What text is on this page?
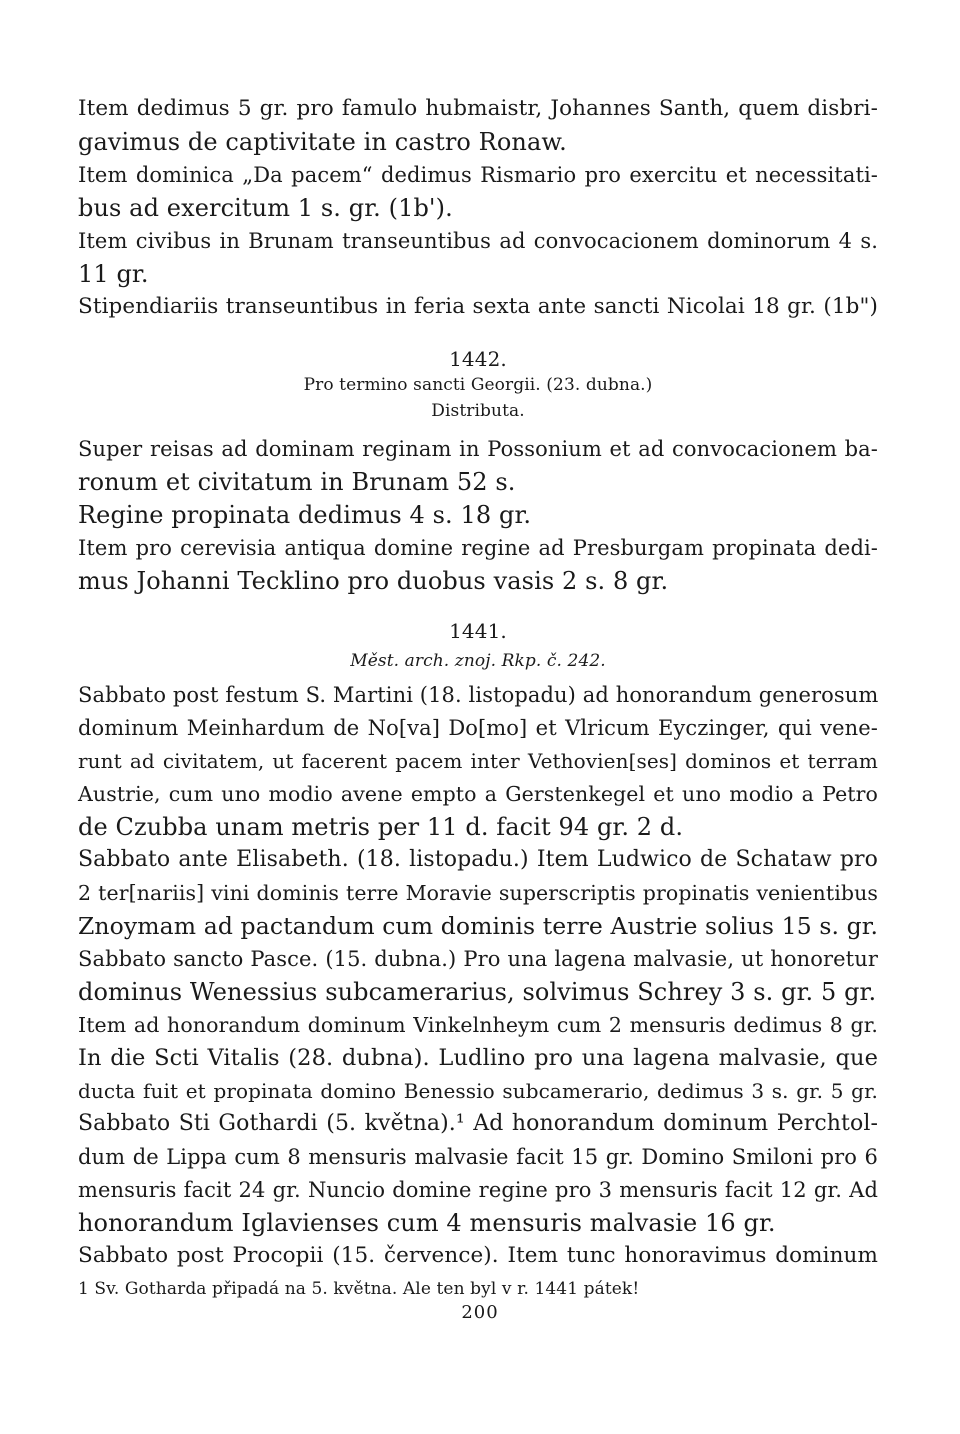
Item dedimus 5 gr. pro famulo hubmaistr, Johannes Santh, quem disbri-
gavimus de captivitate in castro Ronaw.
Item dominica „Da pacem“ dedimus Rismario pro exercitu et necessitati-
bus ad exercitum 1 s. gr. (1b').
Item civibus in Brunam transeuntibus ad convocacionem dominorum 4 s.
11 gr.
Stipendiariis transeuntibus in feria sexta ante sancti Nicolai 18 gr. (1b")
1442.
Pro termino sancti Georgii. (23. dubna.)
Distributa.
Super reisas ad dominam reginam in Possonium et ad convocacionem ba-
ronum et civitatum in Brunam 52 s.
Regine propinata dedimus 4 s. 18 gr.
Item pro cerevisia antiqua domine regine ad Presburgam propinata dedi-
mus Johanni Tecklino pro duobus vasis 2 s. 8 gr.
1441.
Měst. arch. znoj. Rkp. č. 242.
Sabbato post festum S. Martini (18. listopadu) ad honorandum generosum
dominum Meinhardum de No[va] Do[mo] et Vlricum Eyczinger, qui vene-
runt ad civitatem, ut facerent pacem inter Vethovien[ses] dominos et terram
Austrie, cum uno modio avene empto a Gerstenkegel et uno modio a Petro
de Czubba unam metris per 11 d. facit 94 gr. 2 d.
Sabbato ante Elisabeth. (18. listopadu.) Item Ludwico de Schataw pro
2 ter[nariis] vini dominis terre Moravie superscriptis propinatis venientibus
Znoymam ad pactandum cum dominis terre Austrie solius 15 s. gr.
Sabbato sancto Pasce. (15. dubna.) Pro una lagena malvasie, ut honoretur
dominus Wenessius subcamerarius, solvimus Schrey 3 s. gr. 5 gr.
Item ad honorandum dominum Vinkelnheym cum 2 mensuris dedimus 8 gr.
In die Scti Vitalis (28. dubna). Ludlino pro una lagena malvasie, que
ducta fuit et propinata domino Benessio subcamerario, dedimus 3 s. gr. 5 gr.
Sabbato Sti Gothardi (5. května).¹ Ad honorandum dominum Perchtol-
dum de Lippa cum 8 mensuris malvasie facit 15 gr. Domino Smiloni pro 6
mensuris facit 24 gr. Nuncio domine regine pro 3 mensuris facit 12 gr. Ad
honorandum Iglavienses cum 4 mensuris malvasie 16 gr.
Sabbato post Procopii (15. července). Item tunc honoravimus dominum
1 Sv. Gotharda připadá na 5. května. Ale ten byl v r. 1441 pátek!
200
